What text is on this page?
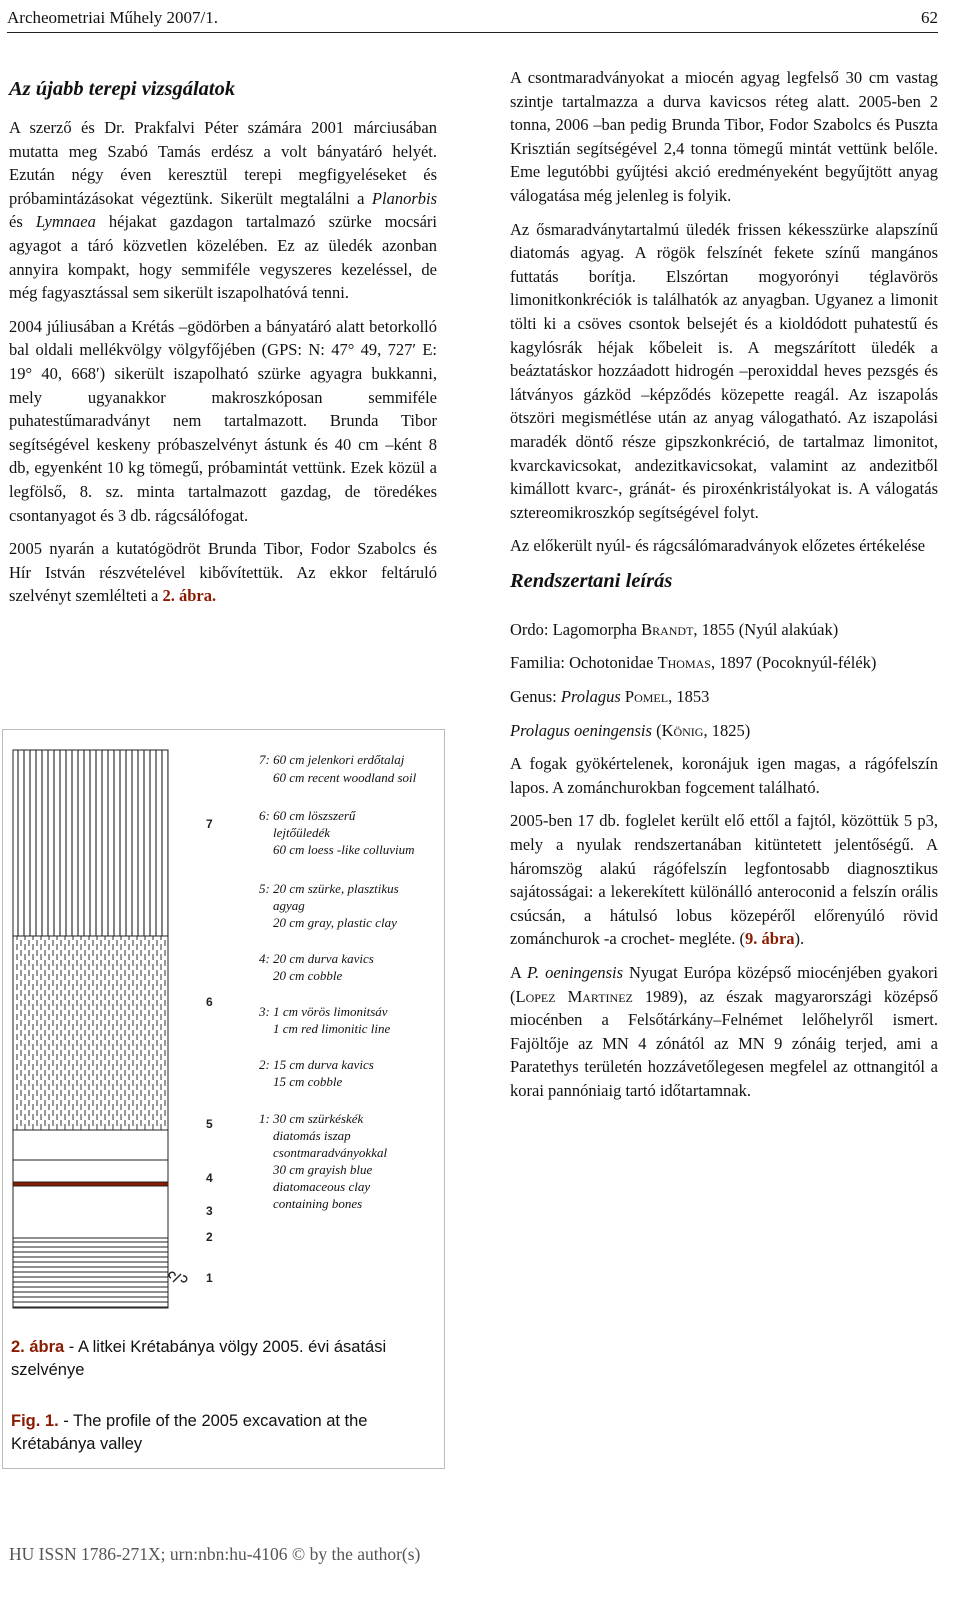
Archeometriai Műhely 2007/1.	62
Az újabb terepi vizsgálatok

A szerző és Dr. Prakfalvi Péter számára 2001 márciusában mutatta meg Szabó Tamás erdész a volt bányatáró helyét. Ezután négy éven keresztül terepi megfigyeléseket és próbamintázásokat végeztünk. Sikerült megtalálni a Planorbis és Lymnaea héjakat gazdagon tartalmazó szürke mocsári agyagot a táró közvetlen közelében. Ez az üledék azonban annyira kompakt, hogy semmiféle vegyszeres kezeléssel, de még fagyasztással sem sikerült iszapolhatóvá tenni.

2004 júliusában a Krétás –gödörben a bányatáró alatt betorkolló bal oldali mellékvölgy völgyfőjében (GPS: N: 47° 49, 727′ E: 19° 40, 668′) sikerült iszapolható szürke agyagra bukkanni, mely ugyanakkor makroszkóposan semmiféle puhatestűmaradványt nem tartalmazott. Brunda Tibor segítségével keskeny próbaszelvényt ástunk és 40 cm –ként 8 db, egyenként 10 kg tömegű, próbamintát vettünk. Ezek közül a legfölső, 8. sz. minta tartalmazott gazdag, de töredékes csontanyagot és 3 db. rágcsálófogat.

2005 nyarán a kutatógödröt Brunda Tibor, Fodor Szabolcs és Hír István részvételével kibővítettük. Az ekkor feltáruló szelvényt szemlélteti a 2. ábra.

7
6
5
4
3
2
1
7: 60 cm jelenkori erdőtalaj
60 cm recent woodland soil
6: 60 cm löszszerű
lejtőüledék
60 cm loess -like colluvium
5: 20 cm szürke, plasztikus
agyag
20 cm gray, plastic clay
4: 20 cm durva kavics
20 cm cobble
3: 1 cm vörös limonitsáv
1 cm red limonitic line
2: 15 cm durva kavics
15 cm cobble
1: 30 cm szürkéskék
diatomás iszap
csontmaradványokkal
30 cm grayish blue
diatomaceous clay
containing bones
2. ábra - A litkei Krétabánya völgy 2005. évi ásatási szelvénye
Fig. 1. - The profile of the 2005 excavation at the Krétabánya valley

A csontmaradványokat a miocén agyag legfelső 30 cm vastag szintje tartalmazza a durva kavicsos réteg alatt. 2005-ben 2 tonna, 2006 –ban pedig Brunda Tibor, Fodor Szabolcs és Puszta Krisztián segítségével 2,4 tonna tömegű mintát vettünk belőle. Eme legutóbbi gyűjtési akció eredményeként begyűjtött anyag válogatása még jelenleg is folyik.

Az ősmaradványtartalmú üledék frissen kékesszürke alapszínű diatomás agyag. A rögök felszínét fekete színű mangános futtatás borítja. Elszórtan mogyorónyi téglavörös limonitkonkréciók is találhatók az anyagban. Ugyanez a limonit tölti ki a csöves csontok belsejét és a kioldódott puhatestű és kagylósrák héjak kőbeleit is. A megszárított üledék a beáztatáskor hozzáadott hidrogén –peroxiddal heves pezsgés és látványos gázköd –képződés közepette reagál. Az iszapolás ötszöri megismétlése után az anyag válogatható. Az iszapolási maradék döntő része gipszkonkréció, de tartalmaz limonitot, kvarckavicsokat, andezitkavicsokat, valamint az andezitből kimállott kvarc-, gránát- és piroxénkristályokat is. A válogatás sztereomikroszkóp segítségével folyt.

Az előkerült nyúl- és rágcsálómaradványok előzetes értékelése

Rendszertani leírás

Ordo: Lagomorpha Brandt, 1855 (Nyúl alakúak)

Familia: Ochotonidae Thomas, 1897 (Pocoknyúl-félék)

Genus: Prolagus Pomel, 1853

Prolagus oeningensis (König, 1825)

A fogak gyökértelenek, koronájuk igen magas, a rágófelszín lapos. A zománchurokban fogcement található.

2005-ben 17 db. foglelet került elő ettől a fajtól, közöttük 5 p3, mely a nyulak rendszertanában kitüntetett jelentőségű. A háromszög alakú rágófelszín legfontosabb diagnosztikus sajátosságai: a lekerekített különálló anteroconid a felszín orális csúcsán, a hátulsó lobus közepéről előrenyúló rövid zománchurok -a crochet- megléte. (9. ábra).

A P. oeningensis Nyugat Európa középső miocénjében gyakori (Lopez Martinez 1989), az észak magyarországi középső miocénben a Felsőtárkány–Felnémet lelőhelyről ismert. Fajöltője az MN 4 zónától az MN 9 zónáig terjed, ami a Paratethys területén hozzávetőlegesen megfelel az ottnangitól a korai pannóniaig tartó időtartamnak.

HU ISSN 1786-271X; urn:nbn:hu-4106 © by the author(s)
